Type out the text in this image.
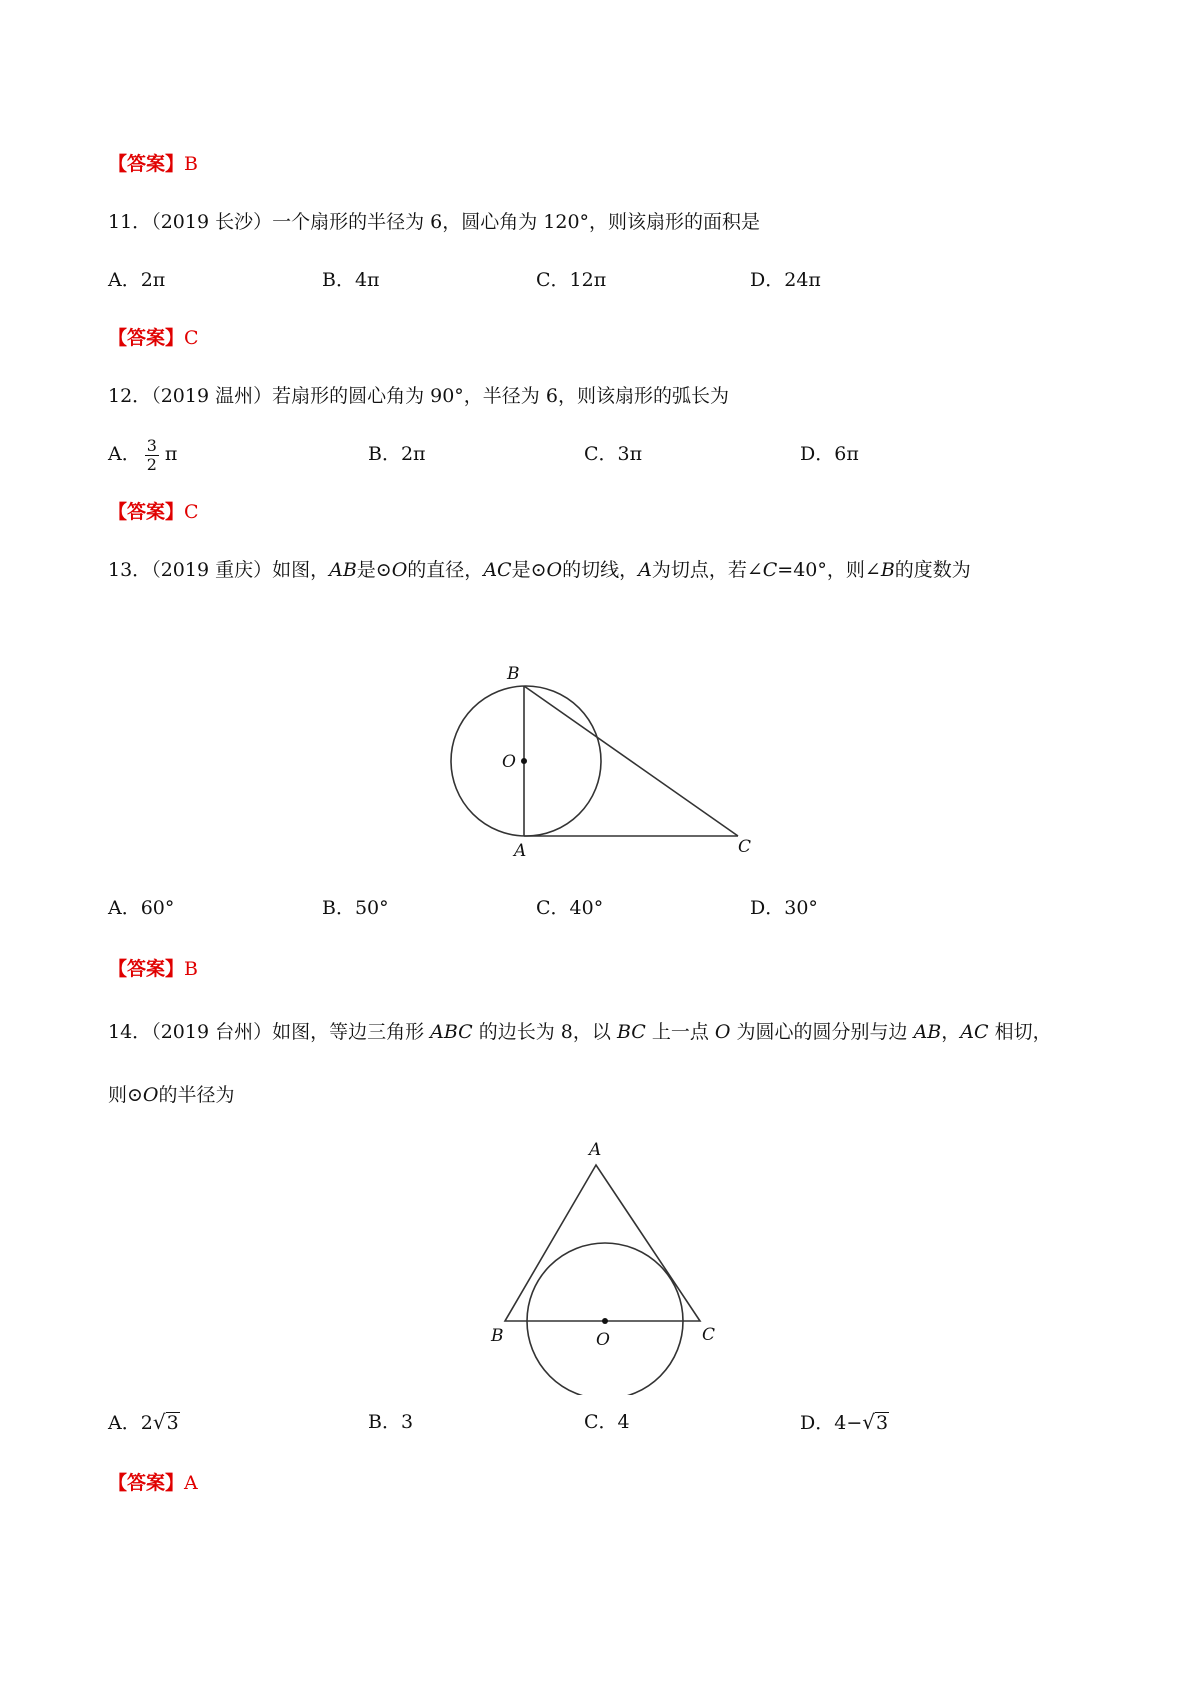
【答案】B
11．（2019 长沙）一个扇形的半径为 6，圆心角为 120°，则该扇形的面积是
A．2π	B．4π	C．12π	D．24π
【答案】C
12．（2019 温州）若扇形的圆心角为 90°，半径为 6，则该扇形的弧长为
A． $\frac{3}{2}$ π	B．2π	C．3π	D．6π
【答案】C
13．（2019 重庆）如图，AB是⊙O的直径，AC是⊙O的切线，A为切点，若∠C=40°，则∠B的度数为
B
O
A	C
A．60°	B．50°	C．40°	D．30°
【答案】B
14．（2019 台州）如图，等边三角形 ABC 的边长为 8，以 BC 上一点 O 为圆心的圆分别与边 AB，AC 相切，
则⊙O的半径为
A
B	O	C
A．2√3	B．3	C．4	D．4−√3
【答案】A
